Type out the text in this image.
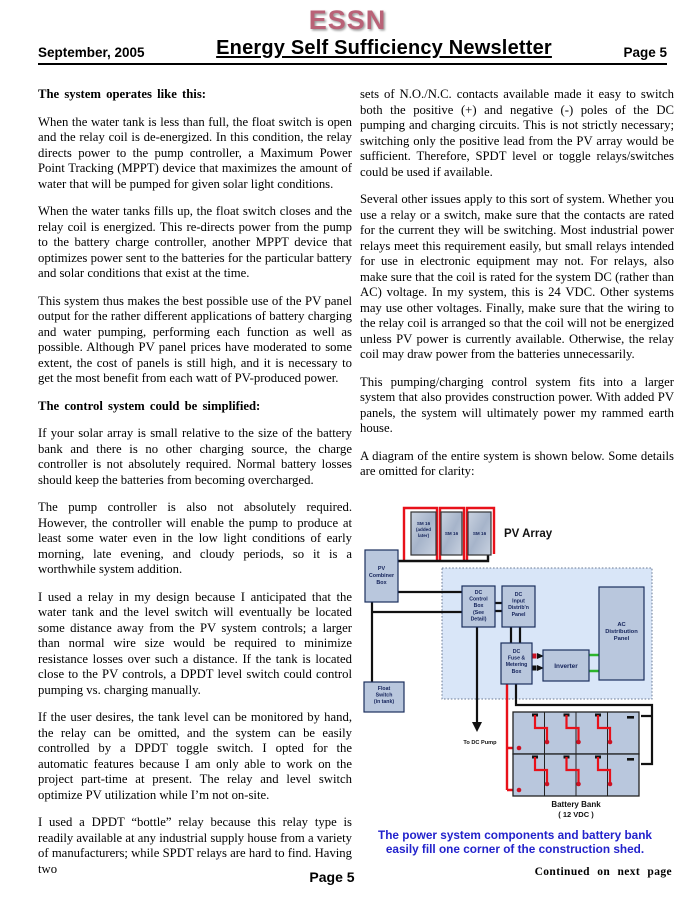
ESSN
September, 2005	Energy Self Sufficiency Newsletter	Page 5

The system operates like this:

When the water tank is less than full, the float switch is open and the relay coil is de-energized. In this condition, the relay directs power to the pump controller, a Maximum Power Point Tracking (MPPT) device that maximizes the amount of water that will be pumped for given solar light conditions.

When the water tanks fills up, the float switch closes and the relay coil is energized. This re-directs power from the pump to the battery charge controller, another MPPT device that optimizes power sent to the batteries for the particular battery and solar conditions that exist at the time.

This system thus makes the best possible use of the PV panel output for the rather different applications of battery charging and water pumping, performing each function as well as possible. Although PV panel prices have moderated to some extent, the cost of panels is still high, and it is necessary to get the most benefit from each watt of PV-produced power.

The control system could be simplified:

If your solar array is small relative to the size of the battery bank and there is no other charging source, the charge controller is not absolutely required. Normal battery losses should keep the batteries from becoming overcharged.

The pump controller is also not absolutely required. However, the controller will enable the pump to produce at least some water even in the low light conditions of early morning, late evening, and cloudy periods, so it is a worthwhile system addition.

I used a relay in my design because I anticipated that the water tank and the level switch will eventually be located some distance away from the PV system controls; a larger than normal wire size would be required to minimize resistance losses over such a distance. If the tank is located close to the PV controls, a DPDT level switch could control pumping vs. charging manually.

If the user desires, the tank level can be monitored by hand, the relay can be omitted, and the system can be easily controlled by a DPDT toggle switch. I opted for the automatic features because I am only able to work on the project part-time at present. The relay and level switch optimize PV utilization while I’m not on-site.

I used a DPDT “bottle” relay because this relay type is readily available at any industrial supply house from a variety of manufacturers; while SPDT relays are hard to find. Having two

sets of N.O./N.C. contacts available made it easy to switch both the positive (+) and negative (-) poles of the DC pumping and charging circuits. This is not strictly necessary; switching only the positive lead from the PV array would be sufficient. Therefore, SPDT level or toggle relays/switches could be used if available.

Several other issues apply to this sort of system. Whether you use a relay or a switch, make sure that the contacts are rated for the current they will be switching. Most industrial power relays meet this requirement easily, but small relays intended for use in electronic equipment may not. For relays, also make sure that the coil is rated for the system DC (rather than AC) voltage. In my system, this is 24 VDC. Other systems may use other voltages. Finally, make sure that the wiring to the relay coil is arranged so that the coil will not be energized unless PV power is currently available. Otherwise, the relay coil may draw power from the batteries unnecessarily.

This pumping/charging control system fits into a larger system that also provides construction power. With added PV panels, the system will ultimately power my rammed earth house.

A diagram of the entire system is shown below. Some details are omitted for clarity:

SM 16 (added later)	SM 16	SM 16 PV Array
PV Combiner Box
DC Control Box (See Detail)
DC Input Distrib'n Panel
DC Fuse & Metering Box
Inverter
AC Distribution Panel
Float Switch (in tank)
To DC Pump
Battery Bank
( 12 VDC )
The power system components and battery bank easily fill one corner of the construction shed.
Continued on next page
Page 5
